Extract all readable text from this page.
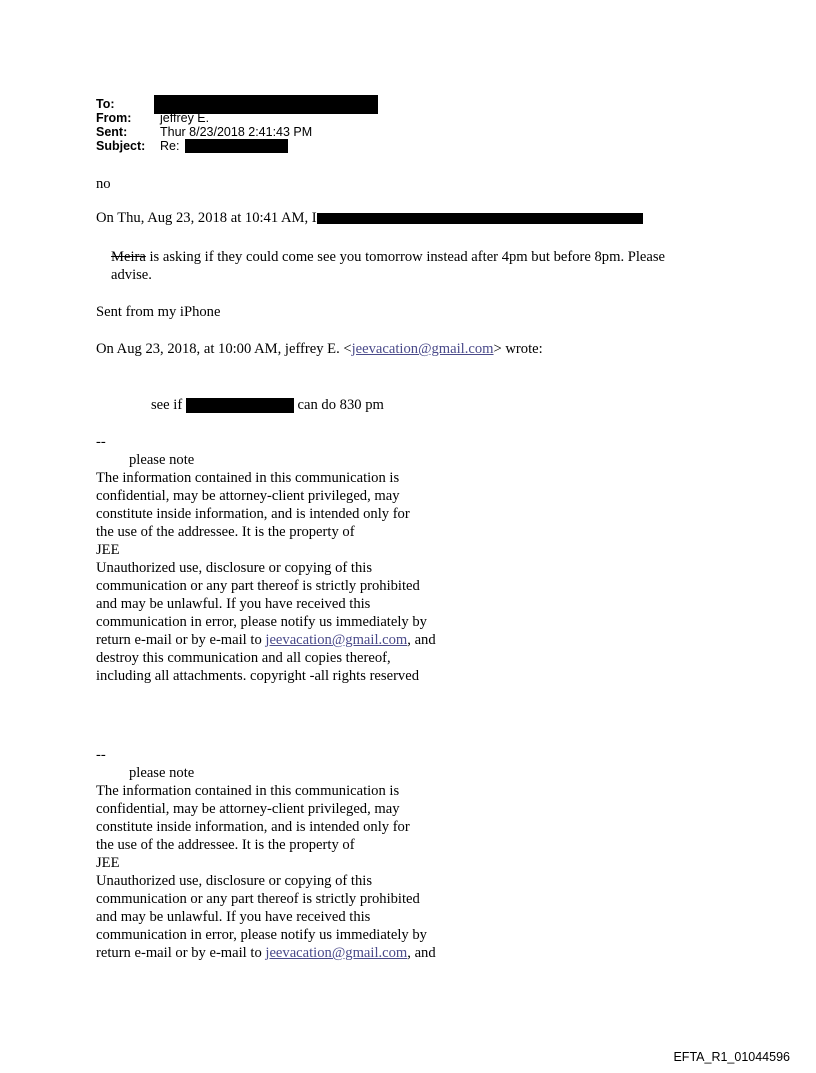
To:
From:	jeffrey E.
Sent:	Thur 8/23/2018 2:41:43 PM
Subject:	Re:
no
On Thu, Aug 23, 2018 at 10:41 AM, I
Meira is asking if they could come see you tomorrow instead after 4pm but before 8pm. Please
advise.
Sent from my iPhone
On Aug 23, 2018, at 10:00 AM, jeffrey E. <jeevacation@gmail.com> wrote:
see if	can do 830 pm
--
please note
The information contained in this communication is
confidential, may be attorney-client privileged, may
constitute inside information, and is intended only for
the use of the addressee. It is the property of
JEE
Unauthorized use, disclosure or copying of this
communication or any part thereof is strictly prohibited
and may be unlawful. If you have received this
communication in error, please notify us immediately by
return e-mail or by e-mail to jeevacation@gmail.com, and
destroy this communication and all copies thereof,
including all attachments. copyright -all rights reserved
--
please note
The information contained in this communication is
confidential, may be attorney-client privileged, may
constitute inside information, and is intended only for
the use of the addressee. It is the property of
JEE
Unauthorized use, disclosure or copying of this
communication or any part thereof is strictly prohibited
and may be unlawful. If you have received this
communication in error, please notify us immediately by
return e-mail or by e-mail to jeevacation@gmail.com, and
EFTA_R1_01044596
